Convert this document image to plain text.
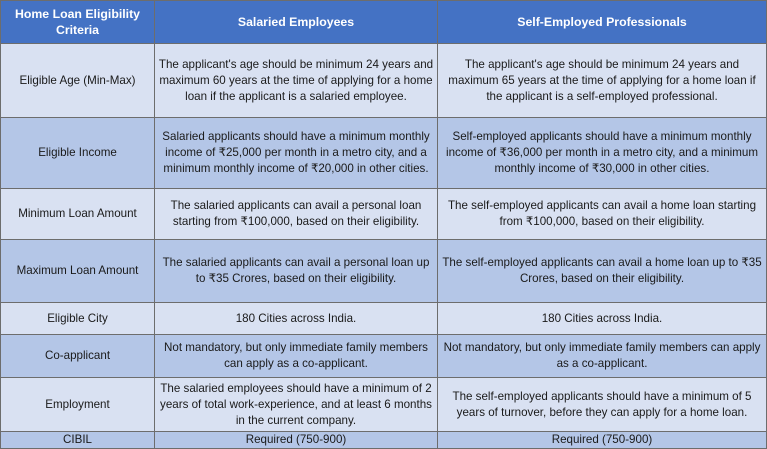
Home Loan Eligibility Criteria	Salaried Employees	Self-Employed Professionals
Eligible Age (Min-Max)	The applicant's age should be minimum 24 years and maximum 60 years at the time of applying for a home loan if the applicant is a salaried employee.	The applicant's age should be minimum 24 years and maximum 65 years at the time of applying for a home loan if the applicant is a self-employed professional.
Eligible Income	Salaried applicants should have a minimum monthly income of ₹25,000 per month in a metro city, and a minimum monthly income of ₹20,000 in other cities.	Self-employed applicants should have a minimum monthly income of ₹36,000 per month in a metro city, and a minimum monthly income of ₹30,000 in other cities.
Minimum Loan Amount	The salaried applicants can avail a personal loan starting from ₹100,000, based on their eligibility.	The self-employed applicants can avail a home loan starting from ₹100,000, based on their eligibility.
Maximum Loan Amount	The salaried applicants can avail a personal loan up to ₹35 Crores, based on their eligibility.	The self-employed applicants can avail a home loan up to ₹35 Crores, based on their eligibility.
Eligible City	180 Cities across India.	180 Cities across India.
Co-applicant	Not mandatory, but only immediate family members can apply as a co-applicant.	Not mandatory, but only immediate family members can apply as a co-applicant.
Employment	The salaried employees should have a minimum of 2 years of total work-experience, and at least 6 months in the current company.	The self-employed applicants should have a minimum of 5 years of turnover, before they can apply for a home loan.
CIBIL	Required (750-900)	Required (750-900)
